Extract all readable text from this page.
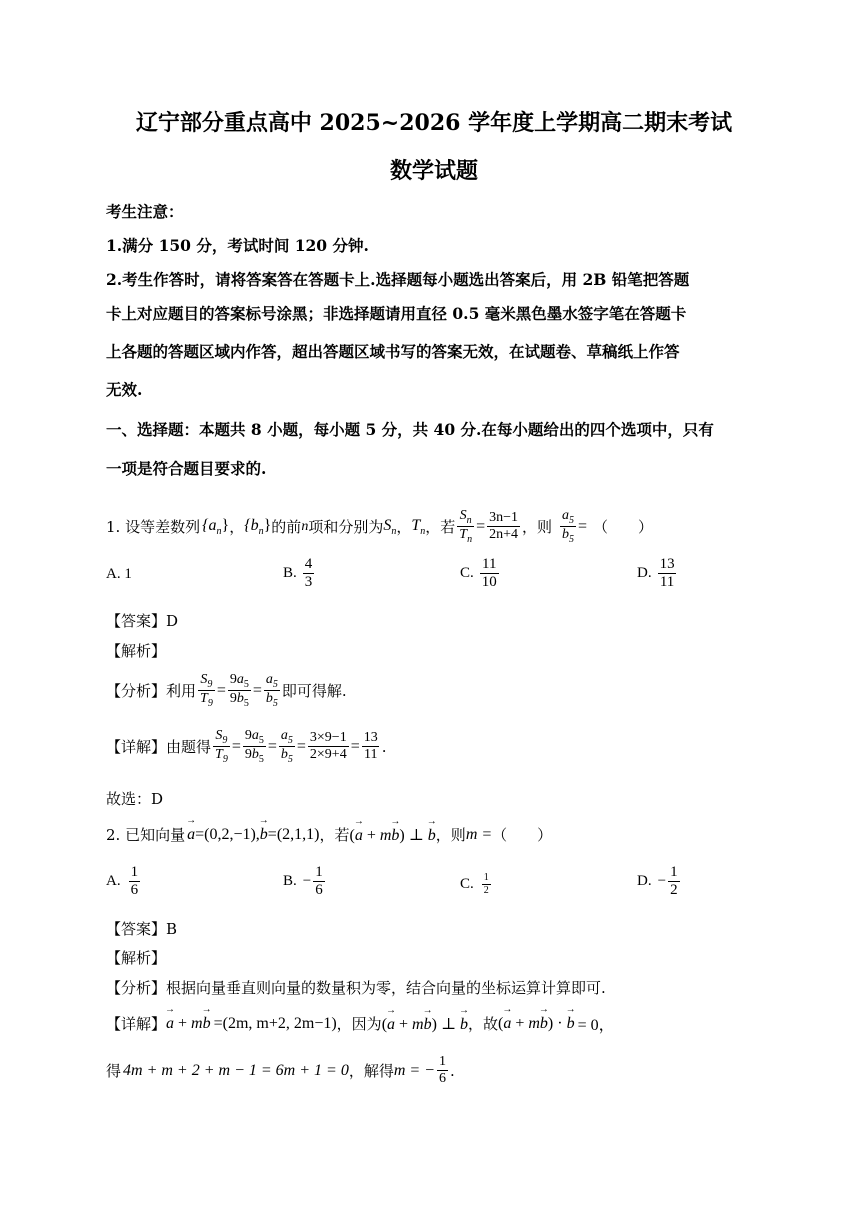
辽宁部分重点高中 2025~2026 学年度上学期高二期末考试
数学试题
考生注意：
1.满分 150 分，考试时间 120 分钟.
2.考生作答时，请将答案答在答题卡上.选择题每小题选出答案后，用 2B 铅笔把答题
卡上对应题目的答案标号涂黑；非选择题请用直径 0.5 毫米黑色墨水签字笔在答题卡
上各题的答题区域内作答，超出答题区域书写的答案无效，在试题卷、草稿纸上作答
无效.
一、选择题：本题共 8 小题，每小题 5 分，共 40 分.在每小题给出的四个选项中，只有
一项是符合题目要求的.
1. 设等差数列 $\{a_n\}$ ， $\{b_n\}$ 的前 n 项和分别为 $S_n$ ， $T_n$ ，若 $\frac{S_n}{T_n} = \frac{3n-1}{2n+4}$ ，则 $\frac{a_5}{b_5}$ = （　　）
A. 1	B. $\frac{4}{3}$	C. $\frac{11}{10}$	D. $\frac{13}{11}$
【答案】D
【解析】
【分析】利用 $\frac{S_9}{T_9} = \frac{9a_5}{9b_5} = \frac{a_5}{b_5}$ 即可得解.
【详解】由题得 $\frac{S_9}{T_9} = \frac{9a_5}{9b_5} = \frac{a_5}{b_5} = \frac{3\times 9-1}{2\times 9+4} = \frac{13}{11}$ .
故选：D
2. 已知向量 → a=(0,2,−1),→ b=(2,1,1) ，若 (→ a + m→ b) ⊥ → b ，则 m = （　　）
A. $\frac{1}{6}$	B. − $\frac{1}{6}$	C. $\frac{1}{2}$	D. − $\frac{1}{2}$
【答案】B
【解析】
【分析】根据向量垂直则向量的数量积为零，结合向量的坐标运算计算即可.
【详解】 → a + m→ b =(2m, m+2, 2m−1) ，因为 (→ a + m→ b) ⊥ → b ，故 (→ a + m→ b) · → b = 0，
得 4m + m + 2 + m − 1 = 6m + 1 = 0 ，解得 m = − $\frac{1}{6}$ .
